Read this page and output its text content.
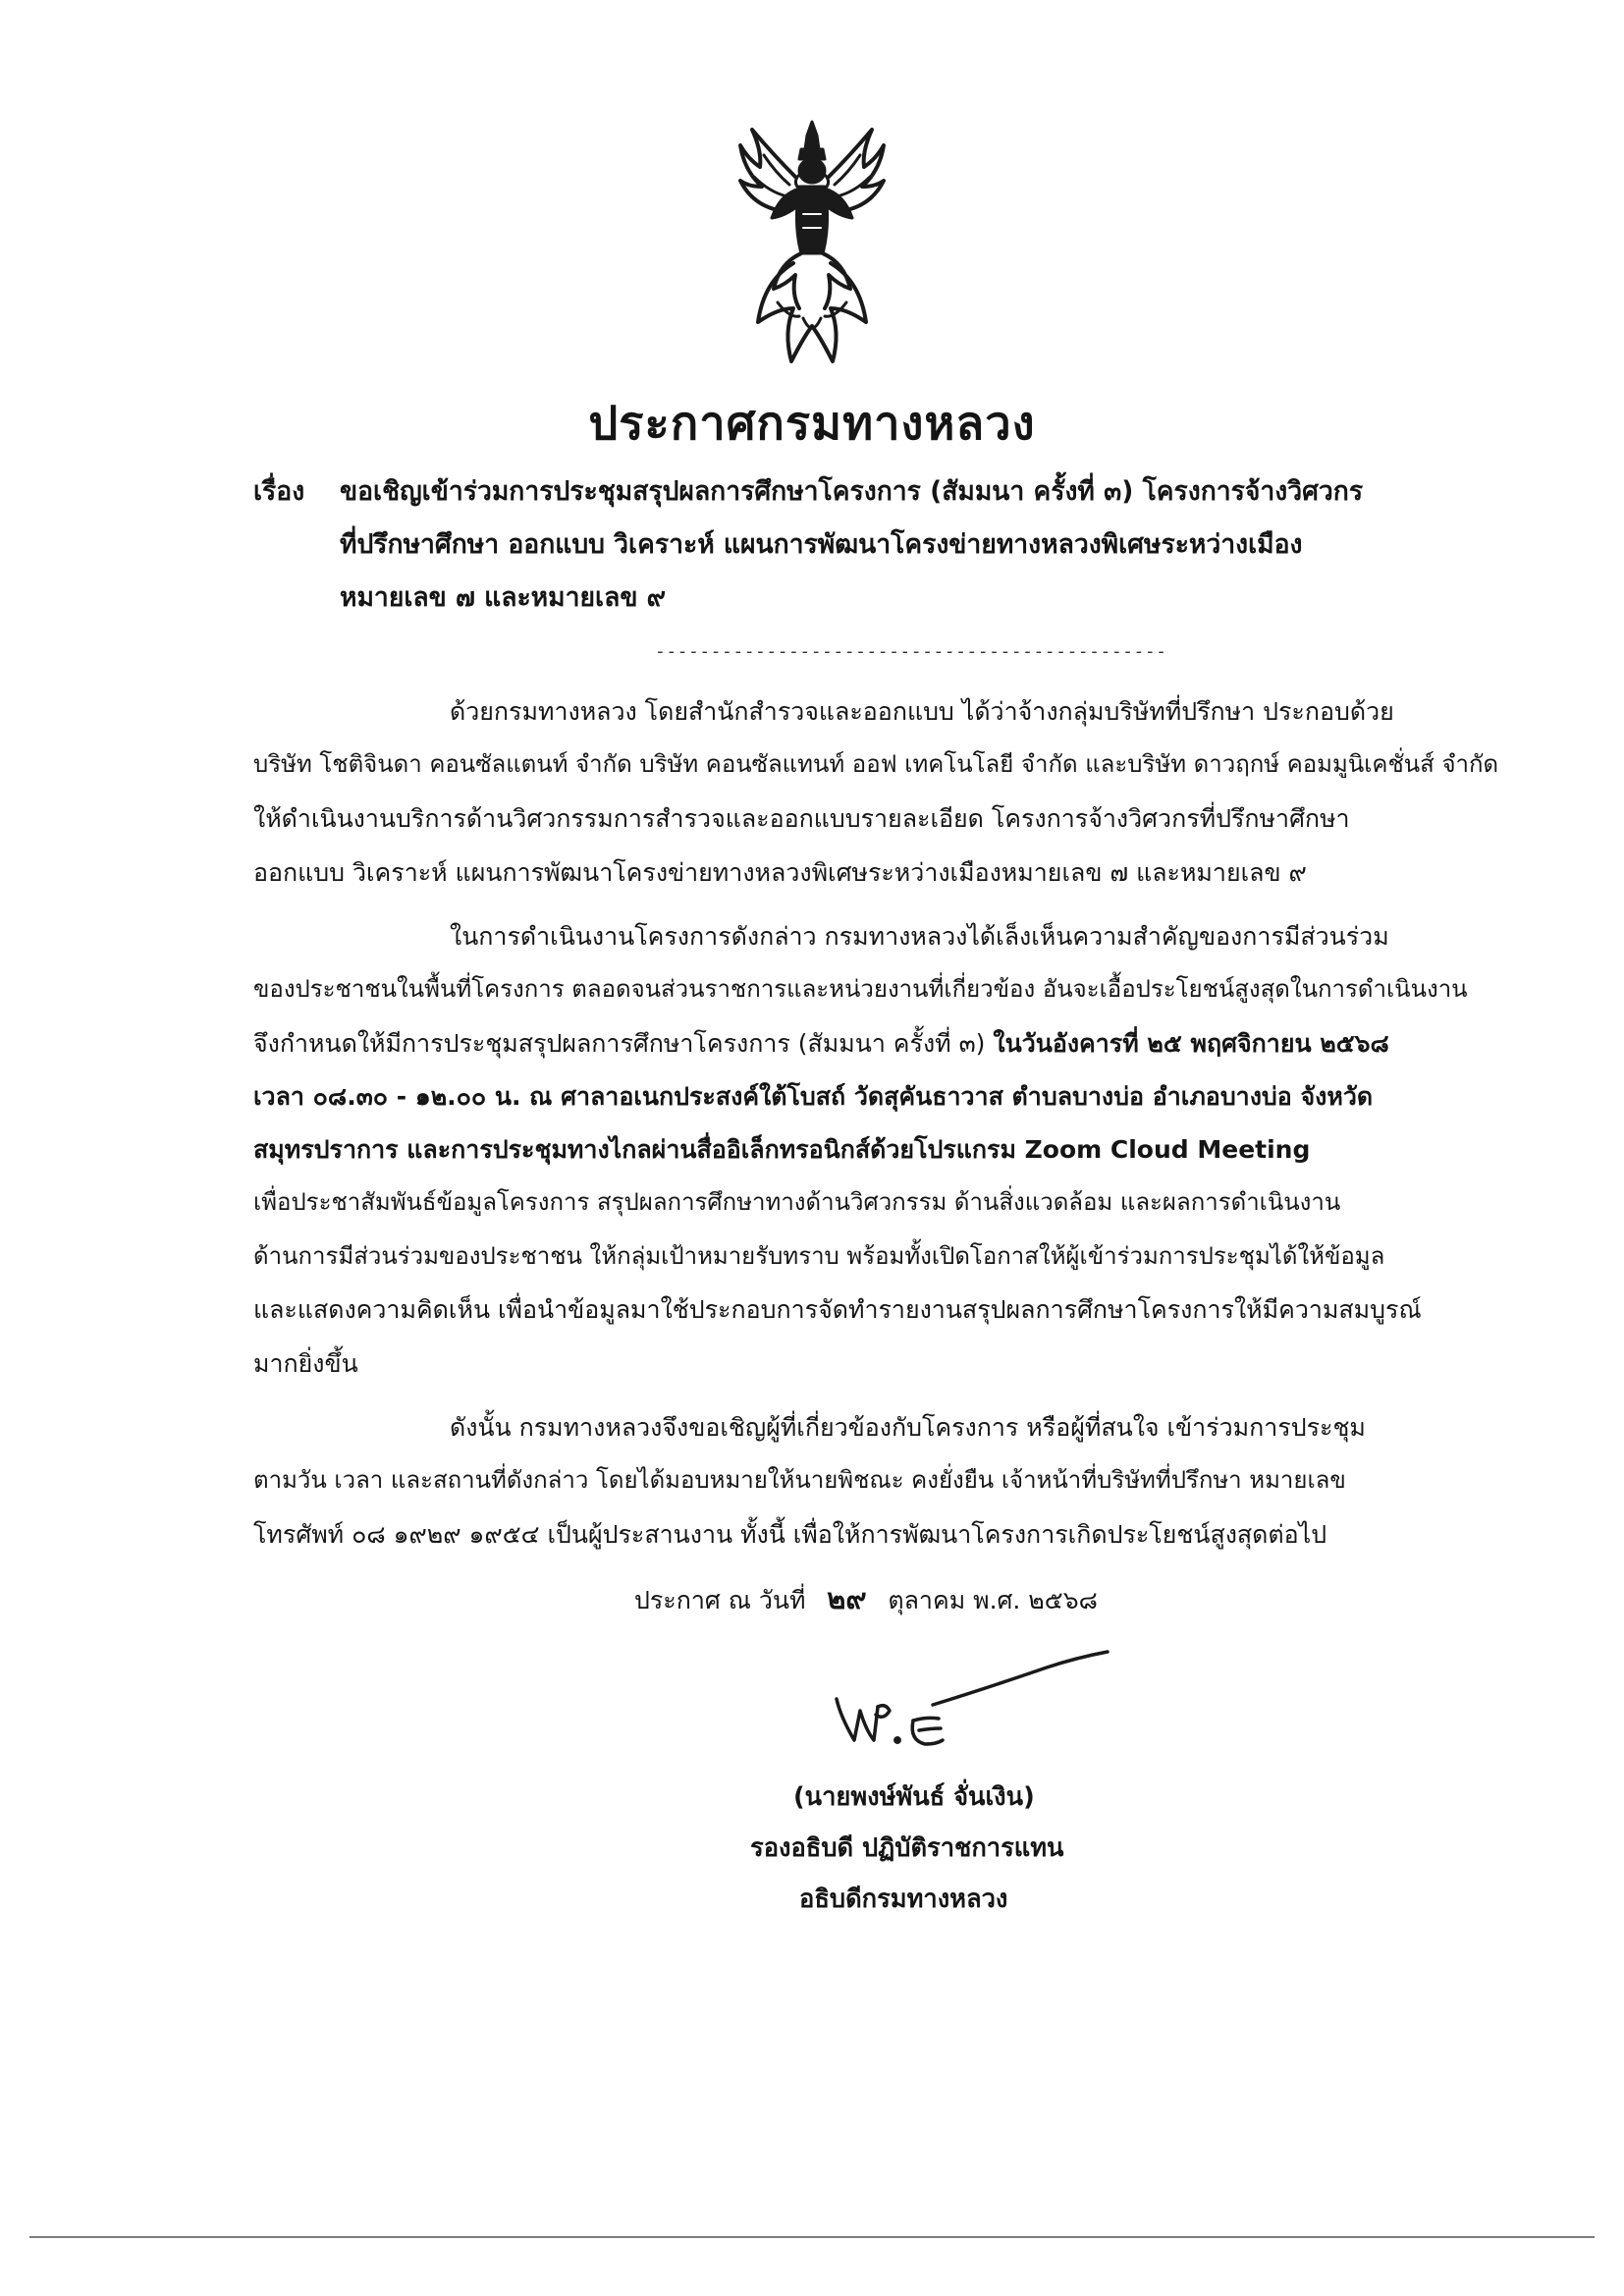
ประกาศกรมทางหลวง
เรื่อง ขอเชิญเข้าร่วมการประชุมสรุปผลการศึกษาโครงการ (สัมมนา ครั้งที่ ๓) โครงการจ้างวิศวกร
ที่ปรึกษาศึกษา ออกแบบ วิเคราะห์ แผนการพัฒนาโครงข่ายทางหลวงพิเศษระหว่างเมือง
หมายเลข ๗ และหมายเลข ๙
----------------------------------------------
ด้วยกรมทางหลวง โดยสำนักสำรวจและออกแบบ ได้ว่าจ้างกลุ่มบริษัทที่ปรึกษา ประกอบด้วย
บริษัท โชติจินดา คอนซัลแตนท์ จำกัด บริษัท คอนซัลแทนท์ ออฟ เทคโนโลยี จำกัด และบริษัท ดาวฤกษ์ คอมมูนิเคชั่นส์ จำกัด
ให้ดำเนินงานบริการด้านวิศวกรรมการสำรวจและออกแบบรายละเอียด โครงการจ้างวิศวกรที่ปรึกษาศึกษา
ออกแบบ วิเคราะห์ แผนการพัฒนาโครงข่ายทางหลวงพิเศษระหว่างเมืองหมายเลข ๗ และหมายเลข ๙
ในการดำเนินงานโครงการดังกล่าว กรมทางหลวงได้เล็งเห็นความสำคัญของการมีส่วนร่วม
ของประชาชนในพื้นที่โครงการ ตลอดจนส่วนราชการและหน่วยงานที่เกี่ยวข้อง อันจะเอื้อประโยชน์สูงสุดในการดำเนินงาน
จึงกำหนดให้มีการประชุมสรุปผลการศึกษาโครงการ (สัมมนา ครั้งที่ ๓) ในวันอังคารที่ ๒๕ พฤศจิกายน ๒๕๖๘
เวลา ๐๘.๓๐ - ๑๒.๐๐ น. ณ ศาลาอเนกประสงค์ใต้โบสถ์ วัดสุคันธาวาส ตำบลบางบ่อ อำเภอบางบ่อ จังหวัด
สมุทรปราการ และการประชุมทางไกลผ่านสื่ออิเล็กทรอนิกส์ด้วยโปรแกรม Zoom Cloud Meeting
เพื่อประชาสัมพันธ์ข้อมูลโครงการ สรุปผลการศึกษาทางด้านวิศวกรรม ด้านสิ่งแวดล้อม และผลการดำเนินงาน
ด้านการมีส่วนร่วมของประชาชน ให้กลุ่มเป้าหมายรับทราบ พร้อมทั้งเปิดโอกาสให้ผู้เข้าร่วมการประชุมได้ให้ข้อมูล
และแสดงความคิดเห็น เพื่อนำข้อมูลมาใช้ประกอบการจัดทำรายงานสรุปผลการศึกษาโครงการให้มีความสมบูรณ์
มากยิ่งขึ้น
ดังนั้น กรมทางหลวงจึงขอเชิญผู้ที่เกี่ยวข้องกับโครงการ หรือผู้ที่สนใจ เข้าร่วมการประชุม
ตามวัน เวลา และสถานที่ดังกล่าว โดยได้มอบหมายให้นายพิชณะ คงยั่งยืน เจ้าหน้าที่บริษัทที่ปรึกษา หมายเลข
โทรศัพท์ ๐๘ ๑๙๒๙ ๑๙๕๔ เป็นผู้ประสานงาน ทั้งนี้ เพื่อให้การพัฒนาโครงการเกิดประโยชน์สูงสุดต่อไป
ประกาศ ณ วันที่ ๒๙ ตุลาคม พ.ศ. ๒๕๖๘
(นายพงษ์พันธ์ จั่นเงิน)
รองอธิบดี ปฏิบัติราชการแทน
อธิบดีกรมทางหลวง
